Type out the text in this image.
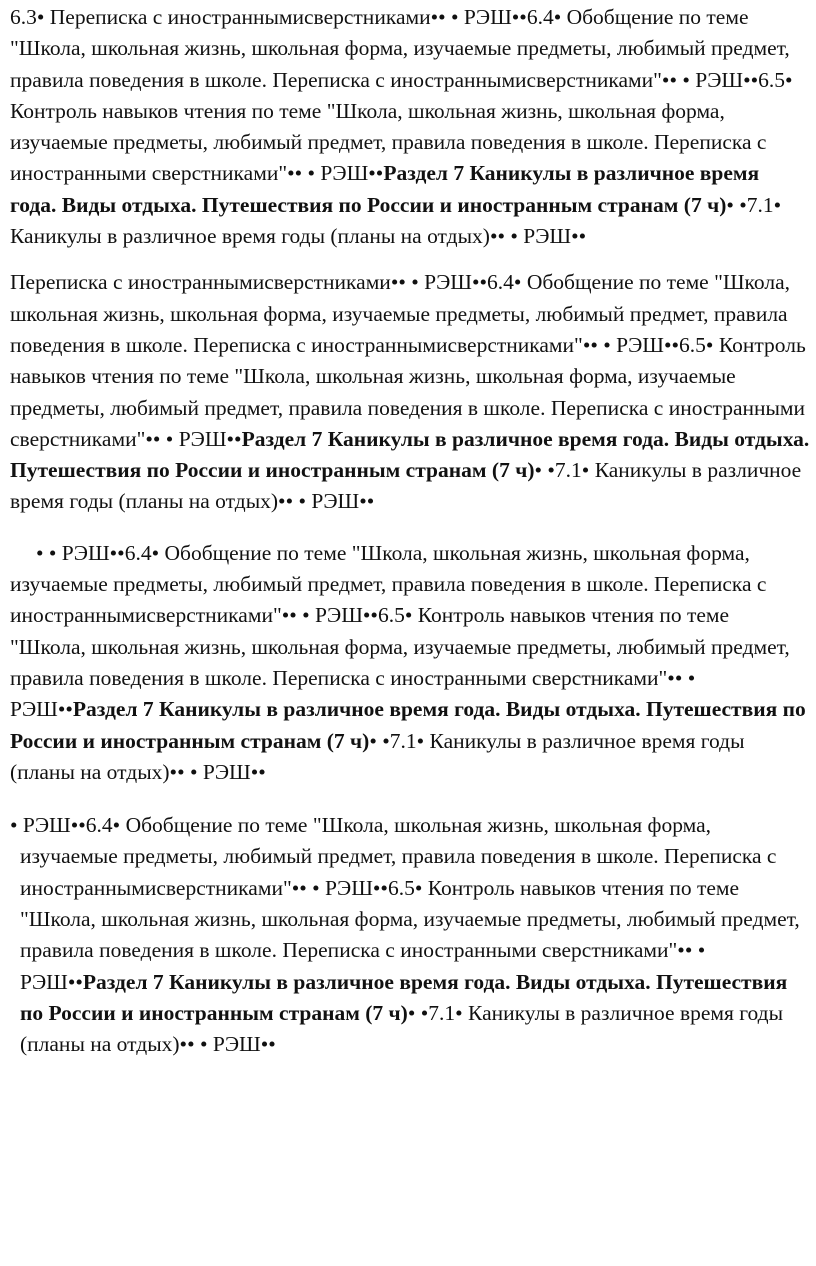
6.3• Переписка с иностраннымисверстниками•• • РЭШ••6.4• Обобщение по теме "Школа, школьная жизнь, школьная форма, изучаемые предметы, любимый предмет, правила поведения в школе. Переписка с иностраннымисверстниками"•• • РЭШ••6.5• Контроль навыков чтения по теме "Школа, школьная жизнь, школьная форма, изучаемые предметы, любимый предмет, правила поведения в школе. Переписка с иностранными сверстниками"•• • РЭШ••Раздел 7 Каникулы в различное время года. Виды отдыха. Путешествия по России и иностранным странам (7 ч)• •7.1• Каникулы в различное время годы (планы на отдых)•• • РЭШ••

Переписка с иностраннымисверстниками•• • РЭШ••6.4• Обобщение по теме "Школа, школьная жизнь, школьная форма, изучаемые предметы, любимый предмет, правила поведения в школе. Переписка с иностраннымисверстниками"•• • РЭШ••6.5• Контроль навыков чтения по теме "Школа, школьная жизнь, школьная форма, изучаемые предметы, любимый предмет, правила поведения в школе. Переписка с иностранными сверстниками"•• • РЭШ••Раздел 7 Каникулы в различное время года. Виды отдыха. Путешествия по России и иностранным странам (7 ч)• •7.1• Каникулы в различное время годы (планы на отдых)•• • РЭШ••

• • РЭШ••6.4• Обобщение по теме "Школа, школьная жизнь, школьная форма, изучаемые предметы, любимый предмет, правила поведения в школе. Переписка с иностраннымисверстниками"•• • РЭШ••6.5• Контроль навыков чтения по теме "Школа, школьная жизнь, школьная форма, изучаемые предметы, любимый предмет, правила поведения в школе. Переписка с иностранными сверстниками"•• • РЭШ••Раздел 7 Каникулы в различное время года. Виды отдыха. Путешествия по России и иностранным странам (7 ч)• •7.1• Каникулы в различное время годы (планы на отдых)•• • РЭШ••

• РЭШ••6.4• Обобщение по теме "Школа, школьная жизнь, школьная форма, изучаемые предметы, любимый предмет, правила поведения в школе. Переписка с иностраннымисверстниками"•• • РЭШ••6.5• Контроль навыков чтения по теме "Школа, школьная жизнь, школьная форма, изучаемые предметы, любимый предмет, правила поведения в школе. Переписка с иностранными сверстниками"•• • РЭШ••Раздел 7 Каникулы в различное время года. Виды отдыха. Путешествия по России и иностранным странам (7 ч)• •7.1• Каникулы в различное время годы (планы на отдых)•• • РЭШ••
